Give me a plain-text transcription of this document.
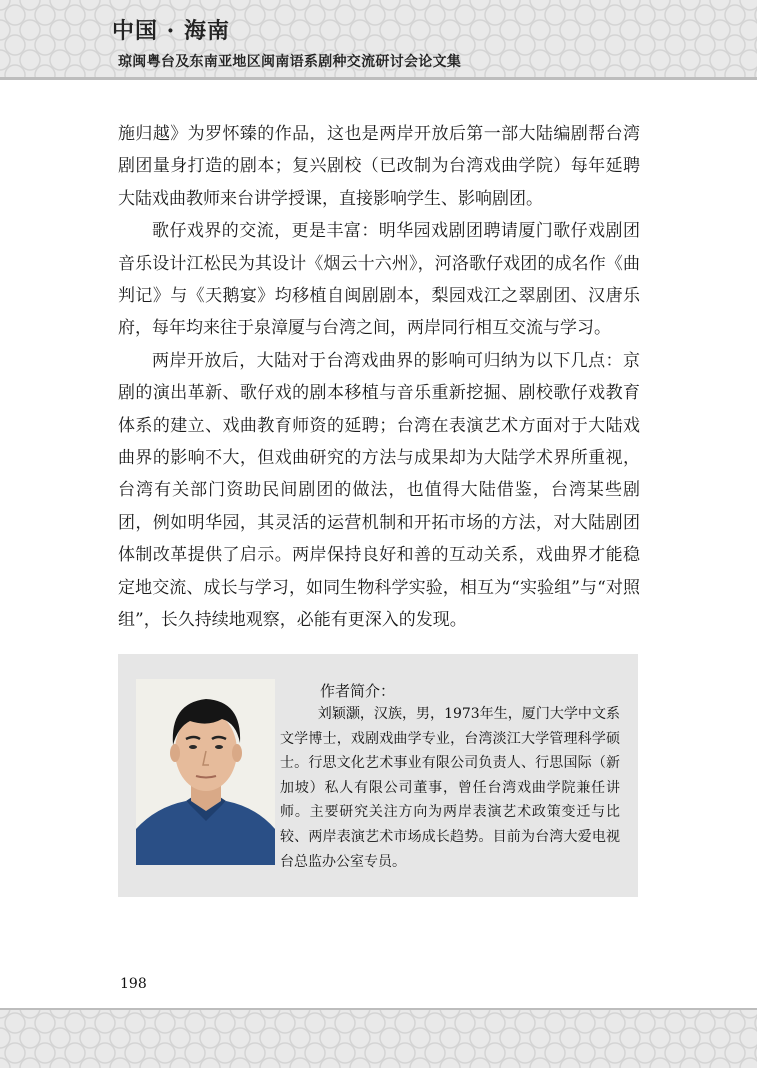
中国 · 海南
琼闽粤台及东南亚地区闽南语系剧种交流研讨会论文集

施归越》为罗怀臻的作品，这也是两岸开放后第一部大陆编剧帮台湾剧团量身打造的剧本；复兴剧校（已改制为台湾戏曲学院）每年延聘大陆戏曲教师来台讲学授课，直接影响学生、影响剧团。

歌仔戏界的交流，更是丰富：明华园戏剧团聘请厦门歌仔戏剧团音乐设计江松民为其设计《烟云十六州》，河洛歌仔戏团的成名作《曲判记》与《天鹅宴》均移植自闽剧剧本，梨园戏江之翠剧团、汉唐乐府，每年均来往于泉漳厦与台湾之间，两岸同行相互交流与学习。

两岸开放后，大陆对于台湾戏曲界的影响可归纳为以下几点：京剧的演出革新、歌仔戏的剧本移植与音乐重新挖掘、剧校歌仔戏教育体系的建立、戏曲教育师资的延聘；台湾在表演艺术方面对于大陆戏曲界的影响不大，但戏曲研究的方法与成果却为大陆学术界所重视，台湾有关部门资助民间剧团的做法，也值得大陆借鉴，台湾某些剧团，例如明华园，其灵活的运营机制和开拓市场的方法，对大陆剧团体制改革提供了启示。两岸保持良好和善的互动关系，戏曲界才能稳定地交流、成长与学习，如同生物科学实验，相互为“实验组”与“对照组”，长久持续地观察，必能有更深入的发现。

作者简介：

刘颖灏，汉族，男，1973年生，厦门大学中文系文学博士，戏剧戏曲学专业，台湾淡江大学管理科学硕士。行思文化艺术事业有限公司负责人、行思国际（新加坡）私人有限公司董事，曾任台湾戏曲学院兼任讲师。主要研究关注方向为两岸表演艺术政策变迁与比较、两岸表演艺术市场成长趋势。目前为台湾大爱电视台总监办公室专员。

198
